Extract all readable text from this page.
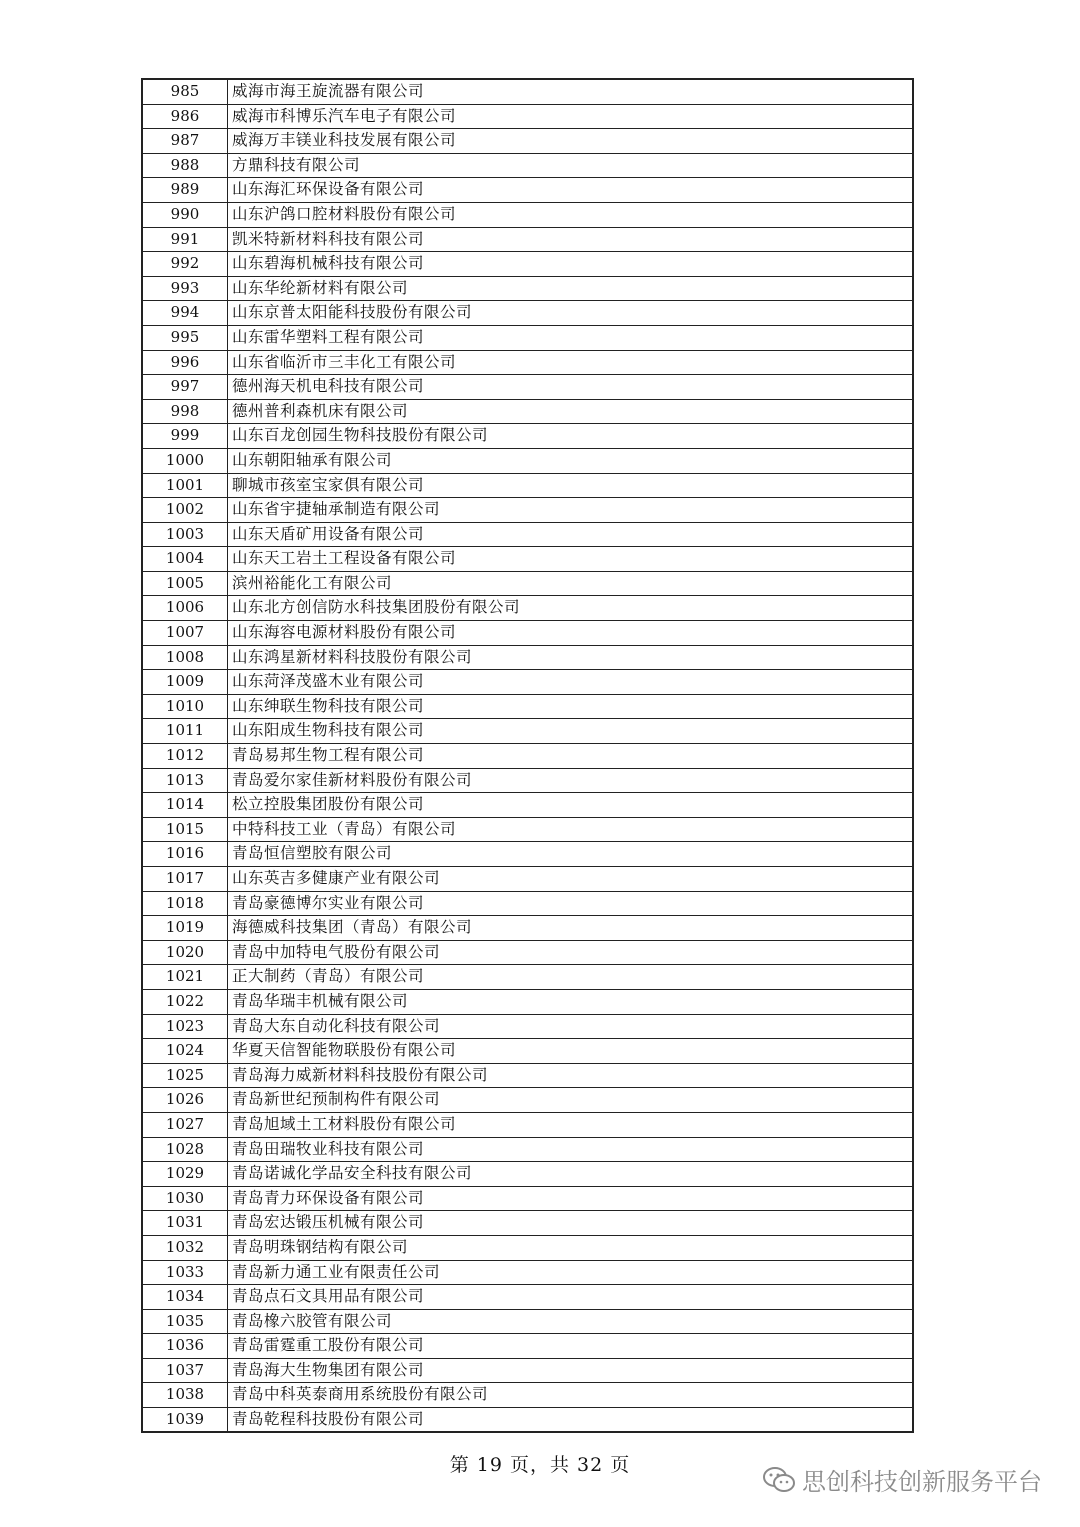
985	威海市海王旋流器有限公司
986	威海市科博乐汽车电子有限公司
987	威海万丰镁业科技发展有限公司
988	方鼎科技有限公司
989	山东海汇环保设备有限公司
990	山东沪鸽口腔材料股份有限公司
991	凯米特新材料科技有限公司
992	山东碧海机械科技有限公司
993	山东华纶新材料有限公司
994	山东京普太阳能科技股份有限公司
995	山东雷华塑料工程有限公司
996	山东省临沂市三丰化工有限公司
997	德州海天机电科技有限公司
998	德州普利森机床有限公司
999	山东百龙创园生物科技股份有限公司
1000	山东朝阳轴承有限公司
1001	聊城市孩室宝家俱有限公司
1002	山东省宇捷轴承制造有限公司
1003	山东天盾矿用设备有限公司
1004	山东天工岩土工程设备有限公司
1005	滨州裕能化工有限公司
1006	山东北方创信防水科技集团股份有限公司
1007	山东海容电源材料股份有限公司
1008	山东鸿星新材料科技股份有限公司
1009	山东菏泽茂盛木业有限公司
1010	山东绅联生物科技有限公司
1011	山东阳成生物科技有限公司
1012	青岛易邦生物工程有限公司
1013	青岛爱尔家佳新材料股份有限公司
1014	松立控股集团股份有限公司
1015	中特科技工业（青岛）有限公司
1016	青岛恒信塑胶有限公司
1017	山东英吉多健康产业有限公司
1018	青岛豪德博尔实业有限公司
1019	海德威科技集团（青岛）有限公司
1020	青岛中加特电气股份有限公司
1021	正大制药（青岛）有限公司
1022	青岛华瑞丰机械有限公司
1023	青岛大东自动化科技有限公司
1024	华夏天信智能物联股份有限公司
1025	青岛海力威新材料科技股份有限公司
1026	青岛新世纪预制构件有限公司
1027	青岛旭域土工材料股份有限公司
1028	青岛田瑞牧业科技有限公司
1029	青岛诺诚化学品安全科技有限公司
1030	青岛青力环保设备有限公司
1031	青岛宏达锻压机械有限公司
1032	青岛明珠钢结构有限公司
1033	青岛新力通工业有限责任公司
1034	青岛点石文具用品有限公司
1035	青岛橡六胶管有限公司
1036	青岛雷霆重工股份有限公司
1037	青岛海大生物集团有限公司
1038	青岛中科英泰商用系统股份有限公司
1039	青岛乾程科技股份有限公司
第 19 页，共 32 页
思创科技创新服务平台
